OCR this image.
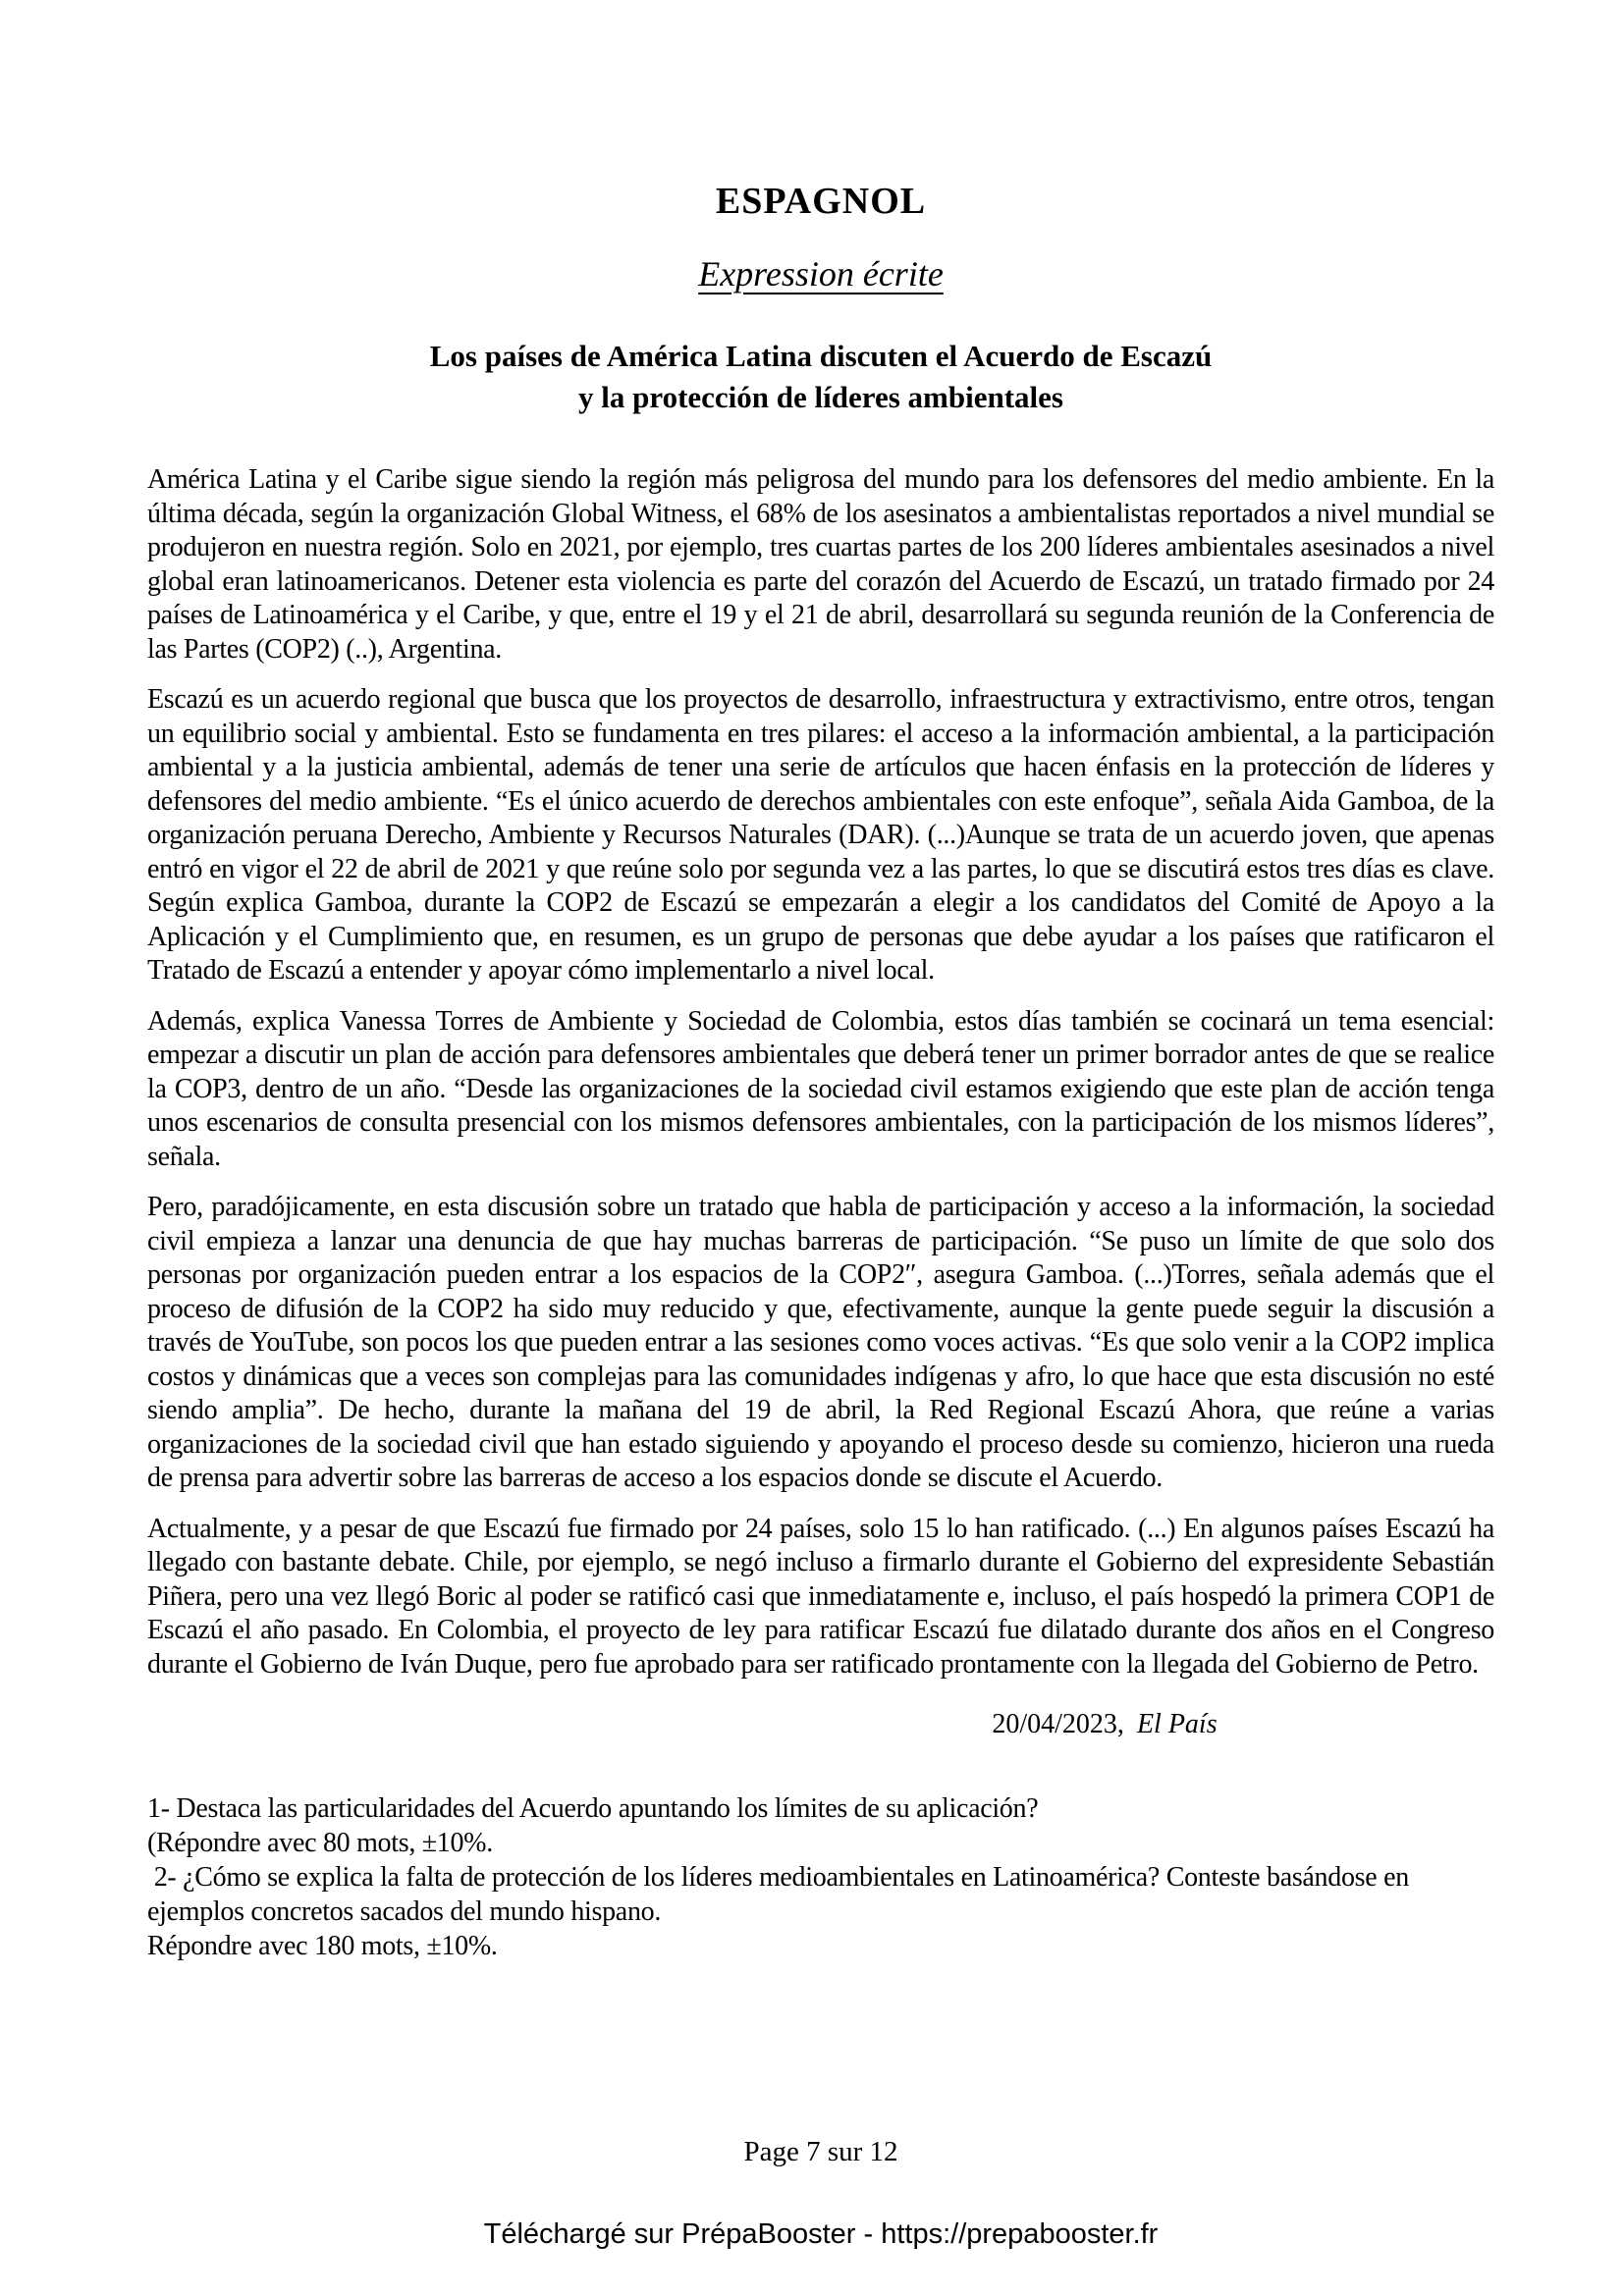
ESPAGNOL
Expression écrite
Los países de América Latina discuten el Acuerdo de Escazú
y la protección de líderes ambientales

América Latina y el Caribe sigue siendo la región más peligrosa del mundo para los defensores del medio ambiente. En la última década, según la organización Global Witness, el 68% de los asesinatos a ambientalistas reportados a nivel mundial se produjeron en nuestra región. Solo en 2021, por ejemplo, tres cuartas partes de los 200 líderes ambientales asesinados a nivel global eran latinoamericanos. Detener esta violencia es parte del corazón del Acuerdo de Escazú, un tratado firmado por 24 países de Latinoamérica y el Caribe, y que, entre el 19 y el 21 de abril, desarrollará su segunda reunión de la Conferencia de las Partes (COP2) (..), Argentina.

Escazú es un acuerdo regional que busca que los proyectos de desarrollo, infraestructura y extractivismo, entre otros, tengan un equilibrio social y ambiental. Esto se fundamenta en tres pilares: el acceso a la información ambiental, a la participación ambiental y a la justicia ambiental, además de tener una serie de artículos que hacen énfasis en la protección de líderes y defensores del medio ambiente. “Es el único acuerdo de derechos ambientales con este enfoque”, señala Aida Gamboa, de la organización peruana Derecho, Ambiente y Recursos Naturales (DAR). (...)Aunque se trata de un acuerdo joven, que apenas entró en vigor el 22 de abril de 2021 y que reúne solo por segunda vez a las partes, lo que se discutirá estos tres días es clave. Según explica Gamboa, durante la COP2 de Escazú se empezarán a elegir a los candidatos del Comité de Apoyo a la Aplicación y el Cumplimiento que, en resumen, es un grupo de personas que debe ayudar a los países que ratificaron el Tratado de Escazú a entender y apoyar cómo implementarlo a nivel local.

Además, explica Vanessa Torres de Ambiente y Sociedad de Colombia, estos días también se cocinará un tema esencial: empezar a discutir un plan de acción para defensores ambientales que deberá tener un primer borrador antes de que se realice la COP3, dentro de un año. “Desde las organizaciones de la sociedad civil estamos exigiendo que este plan de acción tenga unos escenarios de consulta presencial con los mismos defensores ambientales, con la participación de los mismos líderes”, señala.

Pero, paradójicamente, en esta discusión sobre un tratado que habla de participación y acceso a la información, la sociedad civil empieza a lanzar una denuncia de que hay muchas barreras de participación. “Se puso un límite de que solo dos personas por organización pueden entrar a los espacios de la COP2″, asegura Gamboa. (...)Torres, señala además que el proceso de difusión de la COP2 ha sido muy reducido y que, efectivamente, aunque la gente puede seguir la discusión a través de YouTube, son pocos los que pueden entrar a las sesiones como voces activas. “Es que solo venir a la COP2 implica costos y dinámicas que a veces son complejas para las comunidades indígenas y afro, lo que hace que esta discusión no esté siendo amplia”. De hecho, durante la mañana del 19 de abril, la Red Regional Escazú Ahora, que reúne a varias organizaciones de la sociedad civil que han estado siguiendo y apoyando el proceso desde su comienzo, hicieron una rueda de prensa para advertir sobre las barreras de acceso a los espacios donde se discute el Acuerdo.

Actualmente, y a pesar de que Escazú fue firmado por 24 países, solo 15 lo han ratificado. (...) En algunos países Escazú ha llegado con bastante debate. Chile, por ejemplo, se negó incluso a firmarlo durante el Gobierno del expresidente Sebastián Piñera, pero una vez llegó Boric al poder se ratificó casi que inmediatamente e, incluso, el país hospedó la primera COP1 de Escazú el año pasado. En Colombia, el proyecto de ley para ratificar Escazú fue dilatado durante dos años en el Congreso durante el Gobierno de Iván Duque, pero fue aprobado para ser ratificado prontamente con la llegada del Gobierno de Petro.

20/04/2023, El País

1- Destaca las particularidades del Acuerdo apuntando los límites de su aplicación?

(Répondre avec 80 mots, ±10%.

2- ¿Cómo se explica la falta de protección de los líderes medioambientales en Latinoamérica? Conteste basándose en ejemplos concretos sacados del mundo hispano.

Répondre avec 180 mots, ±10%.

Page 7 sur 12
Téléchargé sur PrépaBooster - https://prepabooster.fr
